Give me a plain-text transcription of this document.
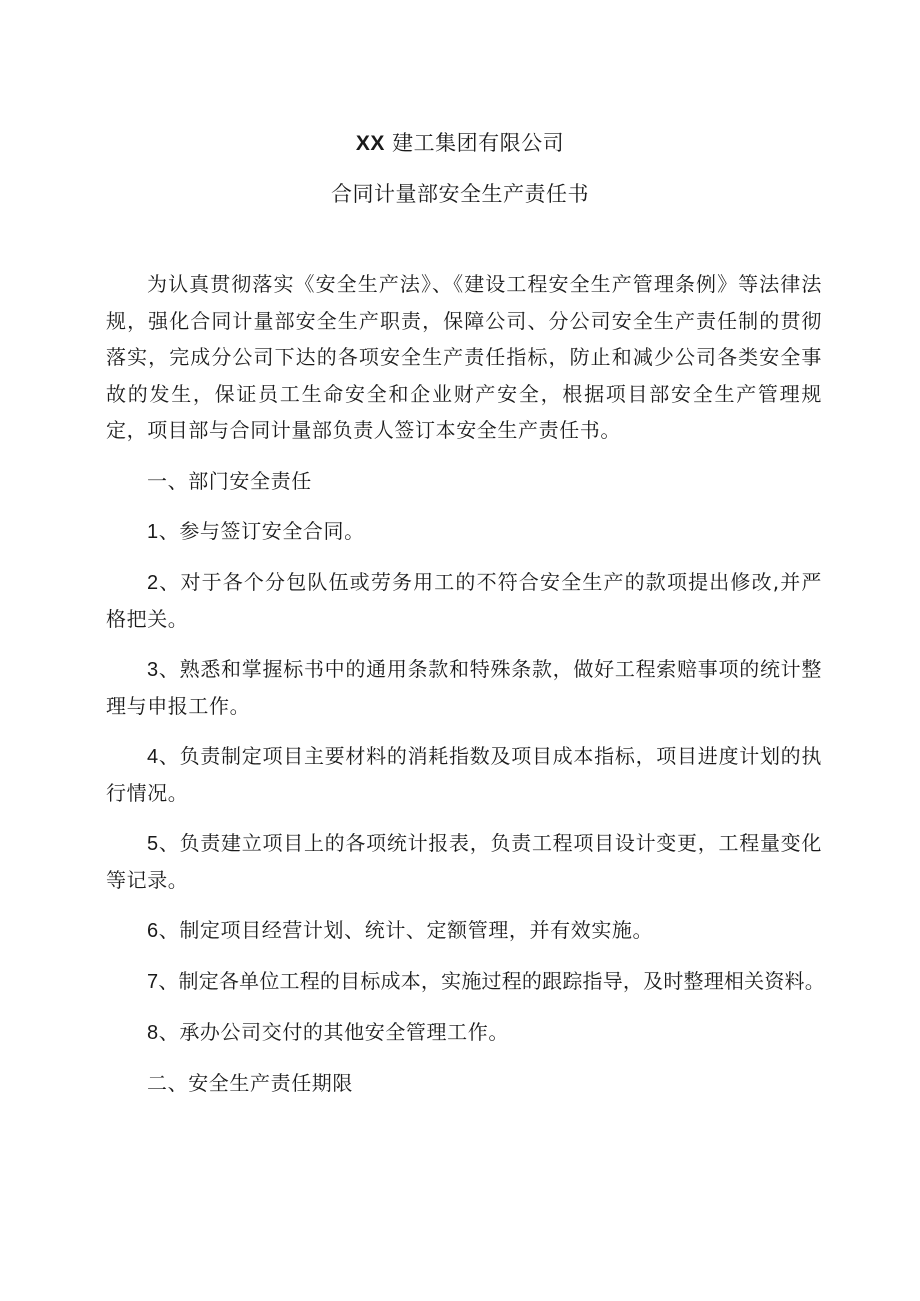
XX 建工集团有限公司
合同计量部安全生产责任书

为认真贯彻落实《安全生产法》、《建设工程安全生产管理条例》等法律法规，强化合同计量部安全生产职责，保障公司、分公司安全生产责任制的贯彻落实，完成分公司下达的各项安全生产责任指标，防止和减少公司各类安全事故的发生，保证员工生命安全和企业财产安全，根据项目部安全生产管理规定，项目部与合同计量部负责人签订本安全生产责任书。

一、部门安全责任

1、参与签订安全合同。

2、对于各个分包队伍或劳务用工的不符合安全生产的款项提出修改,并严格把关。

3、熟悉和掌握标书中的通用条款和特殊条款，做好工程索赔事项的统计整理与申报工作。

4、负责制定项目主要材料的消耗指数及项目成本指标，项目进度计划的执行情况。

5、负责建立项目上的各项统计报表，负责工程项目设计变更，工程量变化等记录。

6、制定项目经营计划、统计、定额管理，并有效实施。

7、制定各单位工程的目标成本，实施过程的跟踪指导，及时整理相关资料。

8、承办公司交付的其他安全管理工作。

二、安全生产责任期限
